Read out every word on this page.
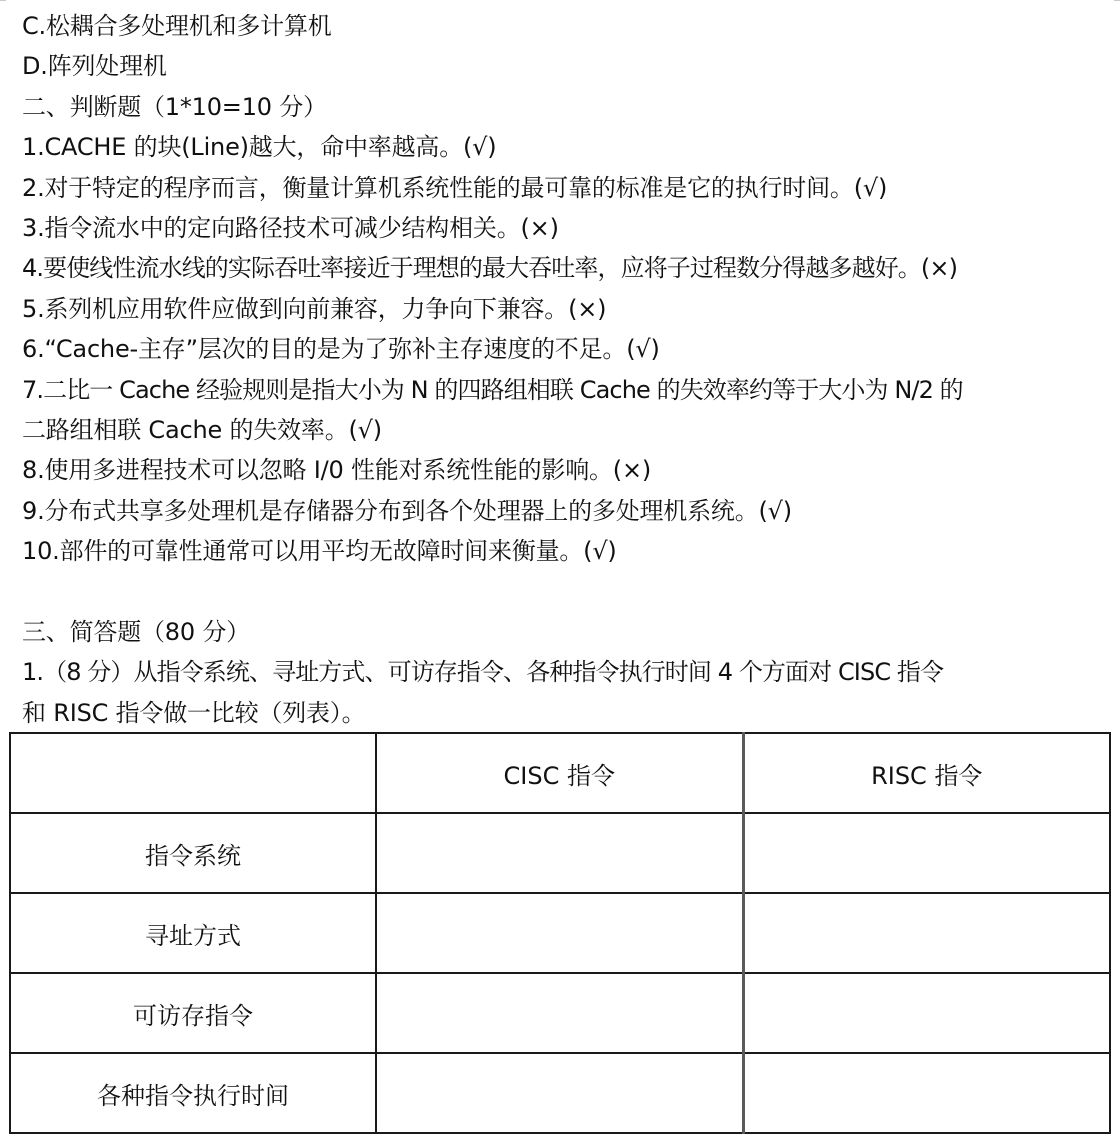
C.松耦合多处理机和多计算机
D.阵列处理机
二、判断题（1*10=10 分）
1.CACHE 的块(Line)越大，命中率越高。(√)
2.对于特定的程序而言，衡量计算机系统性能的最可靠的标准是它的执行时间。(√)
3.指令流水中的定向路径技术可减少结构相关。(×)
4.要使线性流水线的实际吞吐率接近于理想的最大吞吐率，应将子过程数分得越多越好。(×)
5.系列机应用软件应做到向前兼容，力争向下兼容。(×)
6.“Cache-主存”层次的目的是为了弥补主存速度的不足。(√)
7.二比一 Cache 经验规则是指大小为 N 的四路组相联 Cache 的失效率约等于大小为 N/2 的
二路组相联 Cache 的失效率。(√)
8.使用多进程技术可以忽略 I/0 性能对系统性能的影响。(×)
9.分布式共享多处理机是存储器分布到各个处理器上的多处理机系统。(√)
10.部件的可靠性通常可以用平均无故障时间来衡量。(√)
三、简答题（80 分）
1.（8 分）从指令系统、寻址方式、可访存指令、各种指令执行时间 4 个方面对 CISC 指令
和 RISC 指令做一比较（列表）。
	CISC 指令	RISC 指令
指令系统		
寻址方式		
可访存指令		
各种指令执行时间		
